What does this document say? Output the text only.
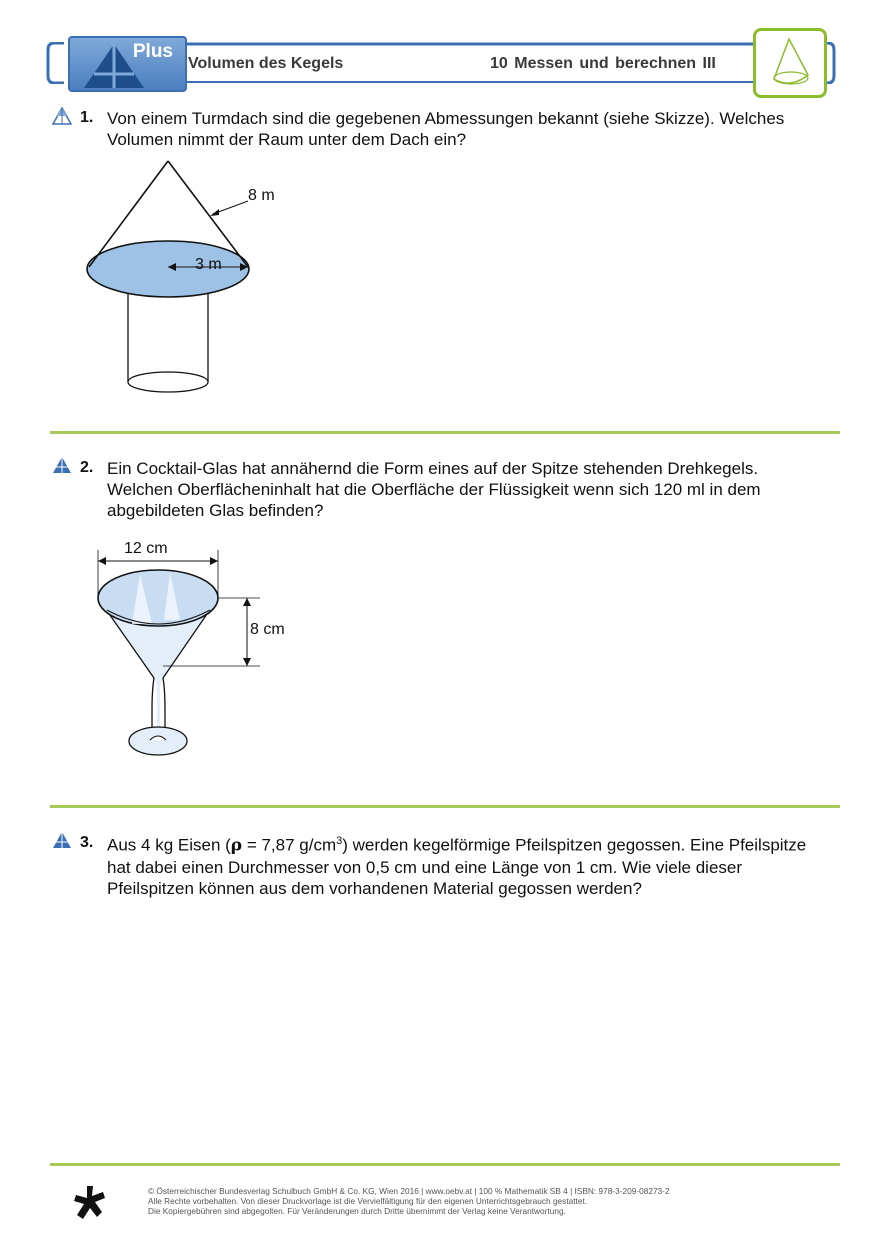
Plus
Volumen des Kegels	10 Messen und berechnen III
1. Von einem Turmdach sind die gegebenen Abmessungen bekannt (siehe Skizze). Welches
Volumen nimmt der Raum unter dem Dach ein?
8 m
3 m
2. Ein Cocktail-Glas hat annähernd die Form eines auf der Spitze stehenden Drehkegels.
Welchen Oberflächeninhalt hat die Oberfläche der Flüssigkeit wenn sich 120 ml in dem
abgebildeten Glas befinden?
12 cm
8 cm
3. Aus 4 kg Eisen (ρ = 7,87 $g/cm^3$) werden kegelförmige Pfeilspitzen gegossen. Eine Pfeilspitze
hat dabei einen Durchmesser von 0,5 cm und eine Länge von 1 cm. Wie viele dieser
Pfeilspitzen können aus dem vorhandenen Material gegossen werden?
© Österreichischer Bundesverlag Schulbuch GmbH & Co. KG, Wien 2016 | www.oebv.at | 100 % Mathematik SB 4 | ISBN: 978-3-209-08273-2
Alle Rechte vorbehalten. Von dieser Druckvorlage ist die Vervielfältigung für den eigenen Unterrichtsgebrauch gestattet.
Die Kopiergebühren sind abgegolten. Für Veränderungen durch Dritte übernimmt der Verlag keine Verantwortung.
